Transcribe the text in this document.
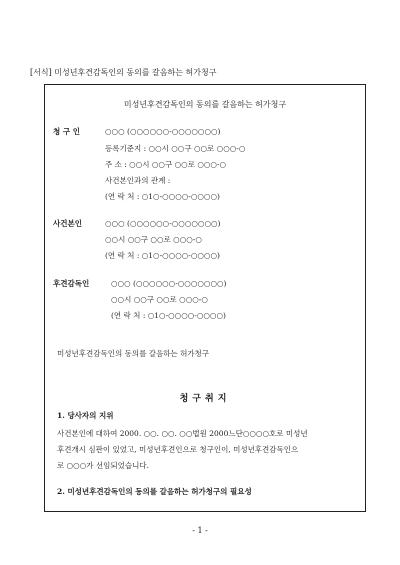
[서식] 미성년후견감독인의 동의를 갈음하는 허가청구
미성년후견감독인의 동의를 갈음하는 허가청구
청 구 인	○○○ (○○○○○○-○○○○○○○)
등록기준지 : ○○시 ○○구 ○○로 ○○○-○
주 소 : ○○시 ○○구 ○○로 ○○○-○
사건본인과의 관계 :
(연 락 처 : ○1○-○○○○-○○○○)
사건본인	○○○ (○○○○○○-○○○○○○○)
○○시 ○○구 ○○로 ○○○-○
(연 락 처 : ○1○-○○○○-○○○○)
후견감독인	○○○ (○○○○○○-○○○○○○○)
○○시 ○○구 ○○로 ○○○-○
(연 락 처 : ○1○-○○○○-○○○○)
미성년후견감독인의 동의를 갈음하는 허가청구
청구취지
1. 당사자의 지위
사건본인에 대하여 2000. ○○. ○○. ○○법원 2000느단○○○○호로 미성년
후견개시 심판이 있었고, 미성년후견인으로 청구인이, 미성년후견감독인으
로 ○○○가 선임되었습니다.
2. 미성년후견감독인의 동의를 갈음하는 허가청구의 필요성
- 1 -
